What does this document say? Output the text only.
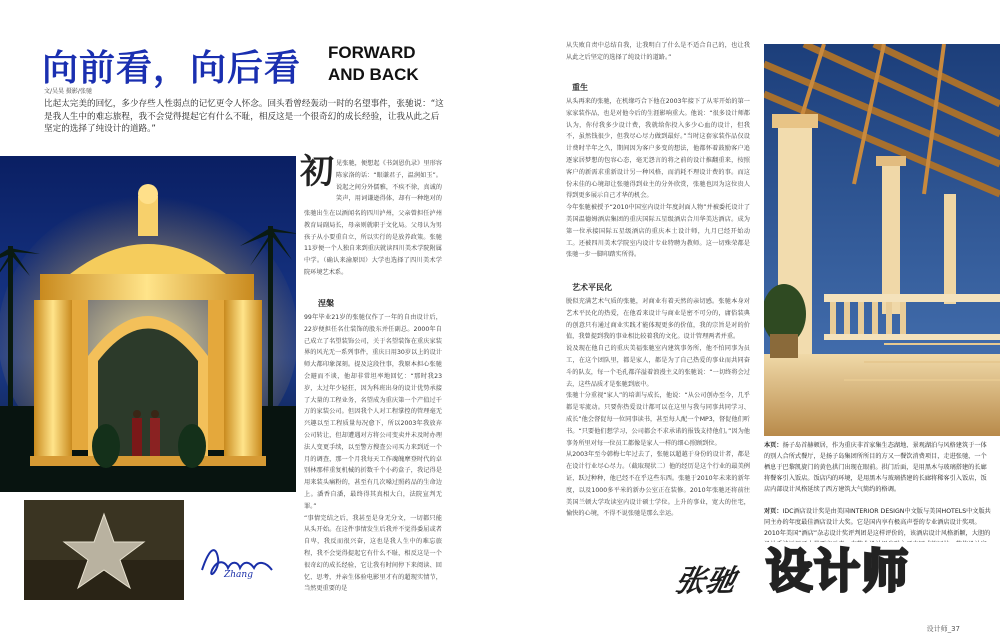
向前看，向后看 FORWARD AND BACK
文/吴昊 摄影/张驰
比起太完美的回忆，多少存些人性弱点的记忆更令人怀念。回头看曾经轰动一时的名望事件，张驰说：“这是我人生中的难忘旅程，我不会觉得提起它有什么不耻，相反这是一个很奇幻的成长经验，让我从此之后坚定的选择了纯设计的道路。”
Zhang
初 见张驰，便想起《书剑恩仇录》里形容陈家洛的话：“眼谦君子，温润如玉”。说起之间分外儒雅，不疾不徐，真诚的笑声，用词谦逊得体，却有一种绝对的
张驰出生在以酒闻名的四川泸州，父亲曾担任泸州教育局副局长，母亲则就职于文化局。父母认为男孩子从小要重自立，所以实行的是放养政策。张驰11岁便一个人独自来到重庆就读四川美术学院附属中学。（确认来渝原因）大学也选择了四川美术学院环境艺术系。
涅槃
99年毕业21岁的张驰仅作了一年的自由设计后，22岁便担任名仕装饰的股东并任副总。2000年自己成立了名望装饰公司，关于名望装饰在重庆家装界的风光无一系列事件，重庆日用30岁以上的设计师大都印象深刻。提及这段往事，我原本担心张驰会避而不谈，他却非常坦率地回忆：“那时我23岁，太过年少轻狂，因为科班出身的设计优势承接了大量的工程业务，名望成为重庆第一个产值过千万的家装公司。但因我个人对工程掌控的管理毫无兴趣以至工程质量每况愈下，所以2003年我放弃公司转让，但却遭遇对方将公司变卖并未及时办理法人变更手续，以至警方搜查公司买力来到近一个月的调查，那一个月我每天工作魂魄摩登时代的卓别林那样重复机械的折数千个小药盒子，我记得是用来装头痛粉的，甚至有几次嗓过照药品的生命边上。潘香自潘，最终得其真相大白，法院宣判无罪。”
“事情完结之后，我甚至是身无分文，一切都只能从头开始。在这件事情发生后我并不觉得委屈或者自卑，我反而很兴奋，这也是我人生中的难忘旅程，我不会觉得提起它有什么不耻，相反这是一个很奇幻的成长经验，它让我有时间停下来阅读、回忆、思考，并亲生体验电影里才有的超现实情节，当然更重要的是
从失败自责中总结自我，让我明白了什么是不适合自己的，也让我从此之后坚定的选择了纯设计的道路。”
重生
从头再来的张驰，在机缘巧合下他在2003年接下了从零开始的第一家家装作品，也是对他今后的生涯影响重大。他说：“很多设计师都认为，你付我多少设计费，我就给你投入多少心血的设计，但我不，虽然钱很少，但我尽心尽力做到最好。”当时这套家装作品仅设计费时半年之久，期间因为客户多变的想法，他都怀着鼓励客户追逐家居梦想的包容心态，毫无怨言的将之前的设计推翻重来，按照客户的新需求重新设计另一种风格，而消耗不理设计费的事。而这份未佳的心境却让张驰得到业主的分外欣赏，张驰也因为这位贵人得到更多展示自己才华的机会。
今年张驰被授予“2010中国室内设计年度封面人物”并被委托设计了美国温德姆酒店集团的重庆国际五星级酒店合川华美达酒店。成为第一位承接国际五星级酒店的重庆本土设计师，九月已经开始动工。还被四川美术学院室内设计专业特聘为教师。这一切殊荣都是张驰一步一脚印踏实所得。
艺术平民化
脱似充满艺术气质的张驰，对商业有着天然的亲切感。张驰本身对艺术平民化的热爱，在他看来设计与商业是密不可分的，庸俗装典的创意只有通过商业实践才能体现更多的价值，我的宗旨是对的价值，我曾提到我的事业相比较着我的文化。设计管理两者并重。
说及现在他自己的重庆美福张驰室内建筑事务所，他不怕同事为员工，在这个团队里，都是家人，都是为了自己热爱的事业而共同奋斗的队友，每一个毛孔都洋溢着浪漫主义的张驰说：“一切终将会过去，这些品质才是张驰到底中。
张驰十分重视“家人”的培训与成长，他说：“从公司创办至今，几乎都是零流动。只要你热爱设计都可以在这里与我与同事共同学习、成长”他会督促每一位同事读书，甚至每人配一个MP3，督促他们听书。“只要他们想学习，公司都会不求承诺的报钱支持他们。”因为他事务所里对每一位员工都像是家人一样的细心照顾到位。
从2003年至今韩梅七年过去了，张驰以超越于身份的设计者，都是在设计行业尽心尽力。（截取现状二）他的经历是这个行业的最美例证，跃过种种，他已经不在乎这些东西。张驰于2010年未来的新年度，以及1000多平米的新办公室正在装修。2010年张驰还将前往美国兰顿大学攻读室内设计硕士学位。上升的事业，宽大的住宅，愉快的心境，不得不说张驰是那么幸运。
本页：扬子岛首赫顿居，作为重庆非首家集生态湖地、景观湖泊与风格建筑于一体的别人合所式餐厅，是扬子岛集团所所目的方又一餐饮消费项目，走进张驰，一个栖息于巴黎凯旋门的黄色拱门出现在眼前。拱门后面，是用黑木与玻璃搭建的长廊将餐客引入饭店。饭店内的环境，是用黑木与玻璃搭建的长廊将稀客引入饭店，饭店内部设计风格延续了西方建筑大气简约的格调。
对页：IDC酒店设计奖是由美国INTERIOR DESIGN中文版与美国HOTELS中文版共同主办的年度最佳酒店设计大奖。它是国内享有极高声誉的专业酒店设计奖项。2010年美国“酒店”杂志设计奖评判团是这样评价的，该酒店设计风格新颖，大胆的
张驰 设计师
设计师_37
